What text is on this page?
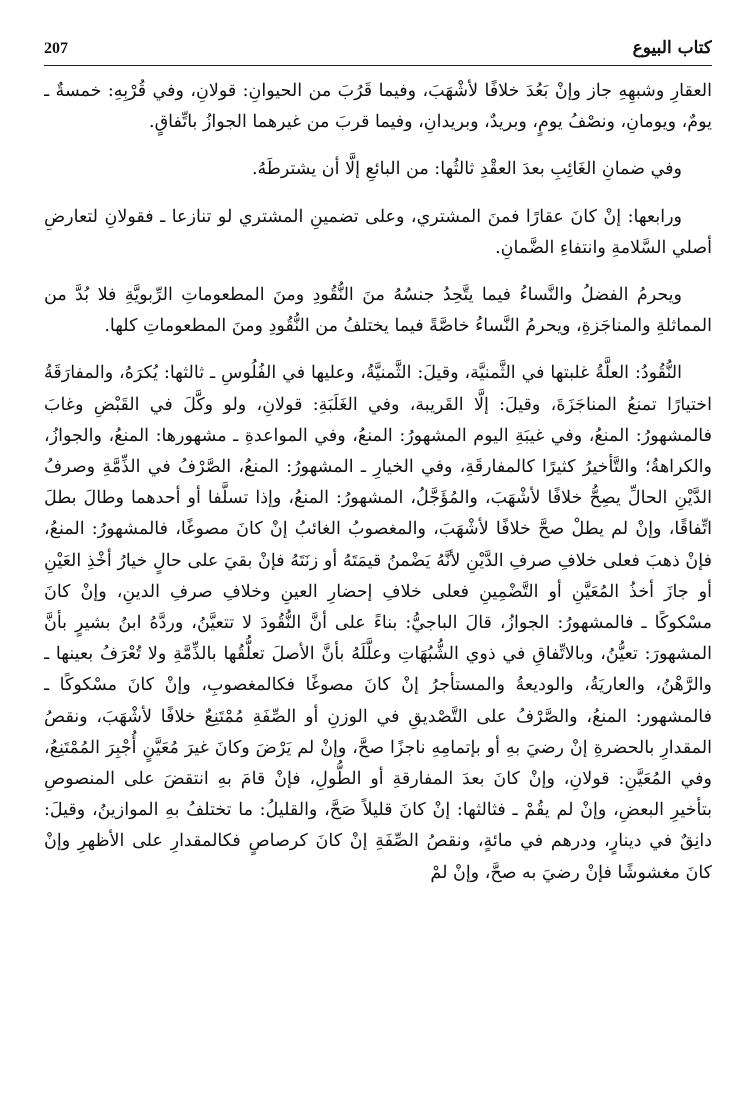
207	كتاب البيوع

العقارِ وشبهِهِ جاز وإنْ بَعُدَ خلافًا لأشْهَبَ، وفيما قَرُبَ من الحيوانِ: قولانِ، وفي قُرْبِهِ: خمسةٌ ـ يومٌ، ويومانِ، ونصْفُ يومٍ، وبريدٌ، وبريدانِ، وفيما قربَ من غيرهما الجوازُ باتِّفاقٍ.

وفي ضمانِ الغَائِبِ بعدَ العقْدِ ثالثُها: من البائعِ إلَّا أن يشترطَهُ.

ورابعها: إنْ كانَ عقارًا فمنَ المشتري، وعلى تضمينِ المشتري لو تنازعا ـ فقولانِ لتعارضِ أصلي السَّلامةِ وانتفاءِ الضَّمانِ.

ويحرمُ الفضلُ والنَّساءُ فيما يتَّحِدُ جنسُهُ منَ النُّقُودِ ومنَ المطعوماتِ الرِّبويَّةِ فلا بُدَّ من المماثلةِ والمناجَزةِ، ويحرمُ النَّساءُ خاصَّةً فيما يختلفُ من النُّقُودِ ومنَ المطعوماتِ كلها.

النُّقُودُ: العلَّةُ غلبتها في الثَّمنيَّة، وقيلَ: الثَّمنيَّةُ، وعليها في الفُلُوسِ ـ ثالثها: يُكرَهُ، والمفارَقَةُ اختيارًا تمنعُ المناجَزَةَ، وقيلَ: إلَّا القَريبة، وفي الغَلَبَةِ: قولانِ، ولو وكَّلَ في القَبْضِ وغابَ فالمشهورُ: المنعُ، وفي غيبَةِ اليوم المشهورُ: المنعُ، وفي المواعدةِ ـ مشهورها: المنعُ، والجوازُ، والكراهةُ؛ والتَّأخيرُ كثيرًا كالمفارقَةِ، وفي الخيارِ ـ المشهورُ: المنعُ، الصَّرْفُ في الذِّمَّةِ وصرفُ الدَّيْنِ الحالِّ يصِحُّ خلافًا لأشْهَبَ، والمُؤَجَّلُ، المشهورُ: المنعُ، وإذا تسلَّفا أو أحدهما وطالَ بطلَ اتِّفاقًا، وإنْ لم يطلْ صحَّ خلافًا لأشْهَبَ، والمغصوبُ الغائبُ إنْ كانَ مصوغًا، فالمشهورُ: المنعُ، فإنْ ذهبَ فعلى خلافِ صرفِ الدَّيْنِ لأنَّهُ يَضْمنُ قيمَتَهُ أو زنَتَهُ فإنْ بقيَ على حالٍ خيارُ أخْذِ العَيْنِ أو جازَ أخذُ المُعَيَّنِ أو التَّضْمِينِ فعلى خلافِ إحضارِ العينِ وخلافِ صرفِ الدينِ، وإنْ كانَ مسْكوكًا ـ فالمشهورُ: الجوازُ، قالَ الباجيُّ: بناءً على أنَّ النُّقُودَ لا تتعيَّنُ، وردَّهُ ابنُ بشيرٍ بأنَّ المشهورَ: تعيُّنُ، وبالاتِّفاقِ في ذوي الشُّبُهَاتِ وعلَّلَهُ بأنَّ الأصلَ تعلُّقُها بالذِّمَّةِ ولا تُعْرَفُ بعينها ـ والرَّهْنُ، والعاريَةُ، والوديعةُ والمستأجرُ إنْ كانَ مصوغًا فكالمغصوبِ، وإنْ كانَ مسْكوكًا ـ فالمشهور: المنعُ، والصَّرْفُ على التَّصْديقِ في الوزنِ أو الصِّفَةِ مُمْتَنِعٌ خلافًا لأشْهَبَ، ونقصُ المقدارِ بالحضرةِ إنْ رضيَ بهِ أو بإتمامِهِ ناجزًا صحَّ، وإنْ لم يَرْضَ وكانَ غيرَ مُعَيَّنٍ أُجْبِرَ المُمْتَنِعُ، وفي المُعَيَّنِ: قولانِ، وإنْ كانَ بعدَ المفارقةِ أو الطُّولِ، فإنْ قامَ بهِ انتقضَ على المنصوصِ بتأخيرِ البعضِ، وإنْ لم يقُمْ ـ فثالثها: إنْ كانَ قليلاً صَحَّ، والقليلُ: ما تختلفُ بهِ الموازينُ، وقيلَ: دانِقٌ في دينارٍ، ودرهم في مائةٍ، ونقصُ الصِّفَةِ إنْ كانَ كرصاصٍ فكالمقدارِ على الأظهرِ وإنْ كانَ مغشوشًا فإنْ رضيَ به صحَّ، وإنْ لمْ
